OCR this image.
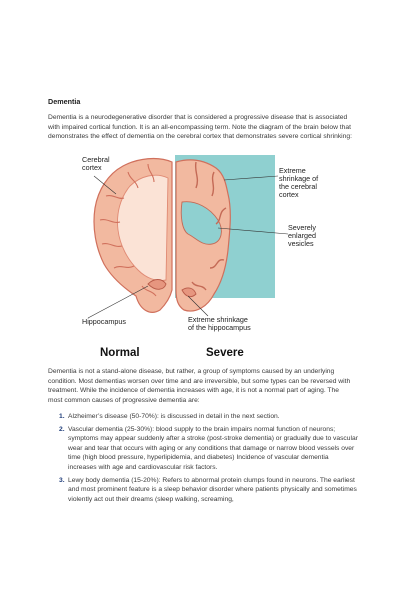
Dementia
Dementia is a neurodegenerative disorder that is considered a progressive disease that is associated with impaired cortical function. It is an all-encompassing term. Note the diagram of the brain below that demonstrates the effect of dementia on the cerebral cortex that demonstrates severe cortical shrinking:
Cerebral cortex	Extreme shrinkage of the cerebral cortex
Severely enlarged vesicles
Hippocampus	Extreme shrinkage of the hippocampus
Normal	Severe
Dementia is not a stand-alone disease, but rather, a group of symptoms caused by an underlying condition. Most dementias worsen over time and are irreversible, but some types can be reversed with treatment. While the incidence of dementia increases with age, it is not a normal part of aging. The most common causes of progressive dementia are:
1. Alzheimer’s disease (50-70%): is discussed in detail in the next section.
2. Vascular dementia (25-30%): blood supply to the brain impairs normal function of neurons; symptoms may appear suddenly after a stroke (post-stroke dementia) or gradually due to vascular wear and tear that occurs with aging or any conditions that damage or narrow blood vessels over time (high blood pressure, hyperlipidemia, and diabetes) Incidence of vascular dementia increases with age and cardiovascular risk factors.
3. Lewy body dementia (15-20%): Refers to abnormal protein clumps found in neurons. The earliest and most prominent feature is a sleep behavior disorder where patients physically and sometimes violently act out their dreams (sleep walking, screaming,
